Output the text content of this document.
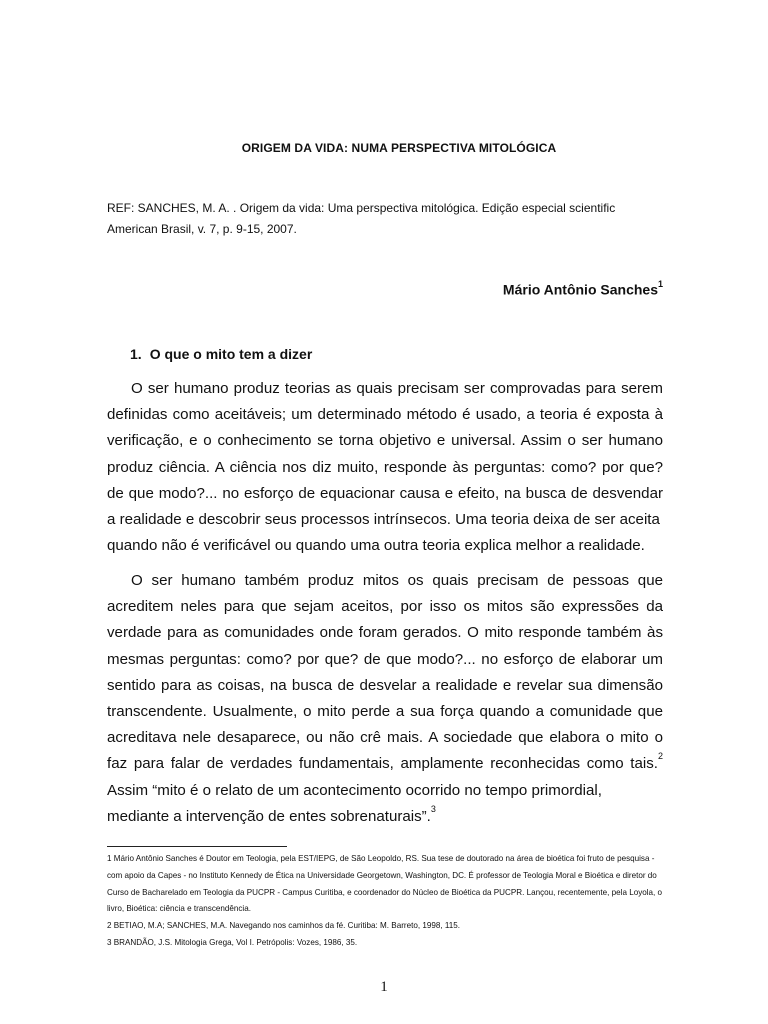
ORIGEM DA VIDA: NUMA PERSPECTIVA MITOLÓGICA
REF: SANCHES, M. A. . Origem da vida: Uma perspectiva mitológica. Edição especial scientific
American Brasil, v. 7, p. 9-15, 2007.
Mário Antônio Sanches$^1$
1. O que o mito tem a dizer

O ser humano produz teorias as quais precisam ser comprovadas para serem definidas como aceitáveis; um determinado método é usado, a teoria é exposta à verificação, e o conhecimento se torna objetivo e universal. Assim o ser humano produz ciência. A ciência nos diz muito, responde às perguntas: como? por que? de que modo?... no esforço de equacionar causa e efeito, na busca de desvendar a realidade e descobrir seus processos intrínsecos. Uma teoria deixa de ser aceita
quando não é verificável ou quando uma outra teoria explica melhor a realidade.

O ser humano também produz mitos os quais precisam de pessoas que acreditem neles para que sejam aceitos, por isso os mitos são expressões da verdade para as comunidades onde foram gerados. O mito responde também às mesmas perguntas: como? por que? de que modo?... no esforço de elaborar um sentido para as coisas, na busca de desvelar a realidade e revelar sua dimensão transcendente. Usualmente, o mito perde a sua força quando a comunidade que acreditava nele desaparece, ou não crê mais. A sociedade que elabora o mito o faz para falar de verdades fundamentais, amplamente reconhecidas como tais.$^2$ Assim “mito é o relato de um acontecimento ocorrido no tempo primordial,
mediante a intervenção de entes sobrenaturais”.$^3$

1 Mário Antônio Sanches é Doutor em Teologia, pela EST/IEPG, de São Leopoldo, RS. Sua tese de doutorado na área de bioética foi fruto de pesquisa - com apoio da Capes - no Instituto Kennedy de Ética na Universidade Georgetown, Washington, DC. É professor de Teologia Moral e Bioética e diretor do Curso de Bacharelado em Teologia da PUCPR - Campus Curitiba, e coordenador do Núcleo de Bioética da PUCPR. Lançou, recentemente, pela Loyola, o livro, Bioética: ciência e transcendência.
2 BETIAO, M.A; SANCHES, M.A. Navegando nos caminhos da fé. Curitiba: M. Barreto, 1998, 115.
3 BRANDÃO, J.S. Mitologia Grega, Vol I. Petrópolis: Vozes, 1986, 35.
1
